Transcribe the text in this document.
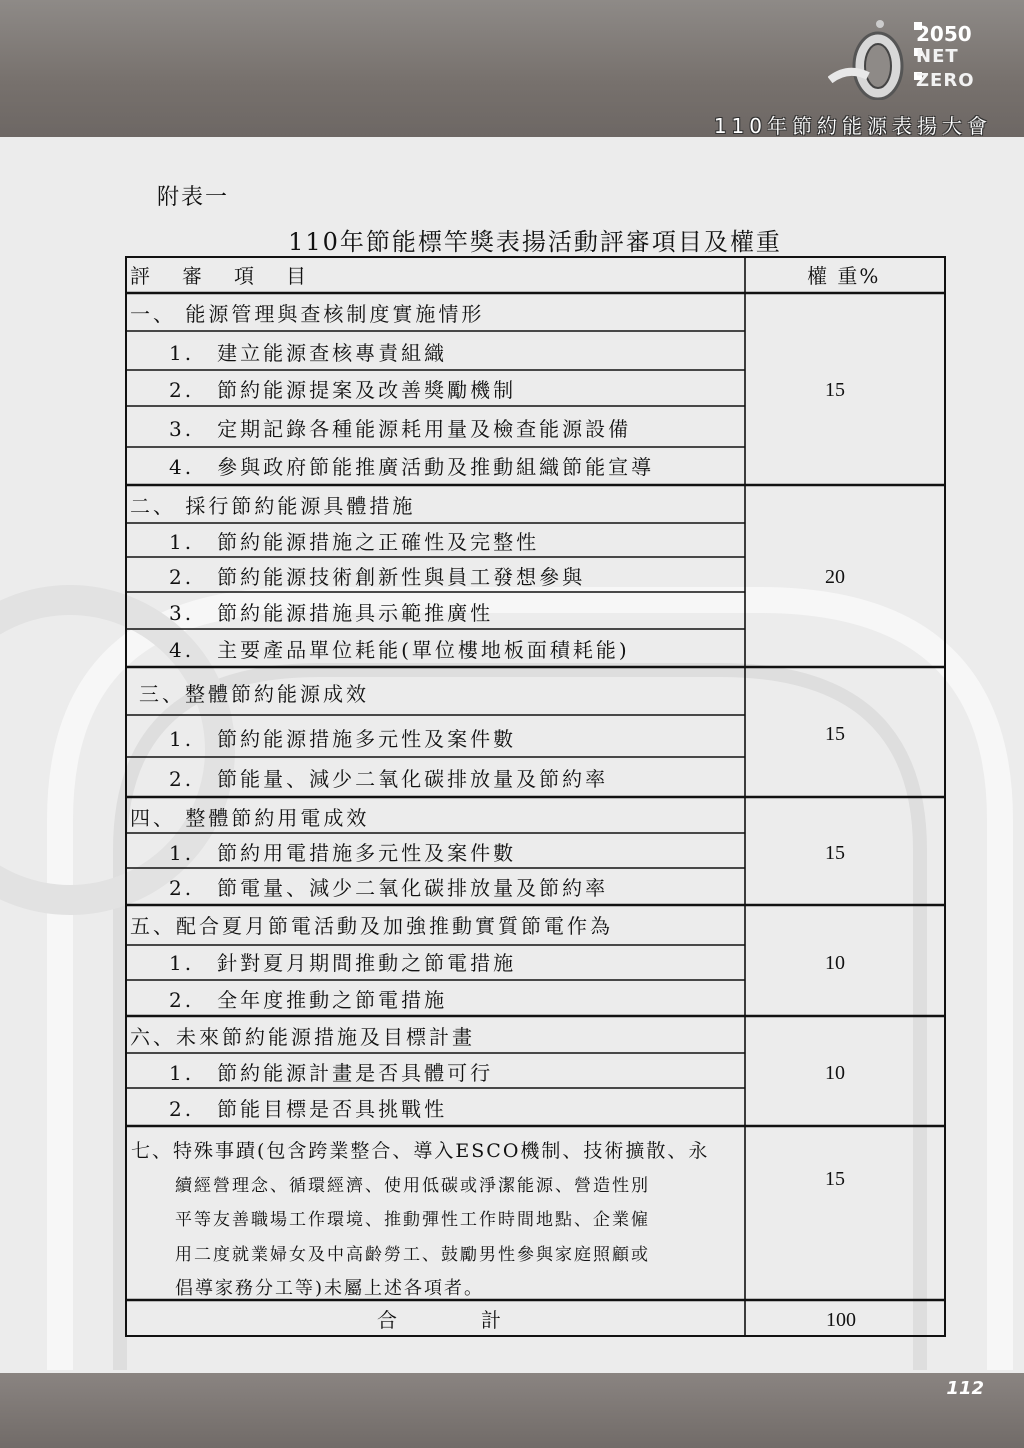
2050
NET
ZERO
110年節約能源表揚大會
附表一
110年節能標竿獎表揚活動評審項目及權重
評　審　項　目	權 重%
一、 能源管理與查核制度實施情形
1.　建立能源查核專責組織
2.　節約能源提案及改善獎勵機制
3.　定期記錄各種能源耗用量及檢查能源設備
4.　參與政府節能推廣活動及推動組織節能宣導
15
二、 採行節約能源具體措施
1.　節約能源措施之正確性及完整性
2.　節約能源技術創新性與員工發想參與
3.　節約能源措施具示範推廣性
4.　主要產品單位耗能(單位樓地板面積耗能)
20
三、整體節約能源成效
1.　節約能源措施多元性及案件數
2.　節能量、減少二氧化碳排放量及節約率
15
四、 整體節約用電成效
1.　節約用電措施多元性及案件數
2.　節電量、減少二氧化碳排放量及節約率
15
五、配合夏月節電活動及加強推動實質節電作為
1.　針對夏月期間推動之節電措施
2.　全年度推動之節電措施
10
六、未來節約能源措施及目標計畫
1.　節約能源計畫是否具體可行
2.　節能目標是否具挑戰性
10
七、特殊事蹟(包含跨業整合、導入ESCO機制、技術擴散、永
續經營理念、循環經濟、使用低碳或淨潔能源、營造性別
平等友善職場工作環境、推動彈性工作時間地點、企業僱
用二度就業婦女及中高齡勞工、鼓勵男性參與家庭照顧或
倡導家務分工等)未屬上述各項者。
15
合　　　計	100
112
